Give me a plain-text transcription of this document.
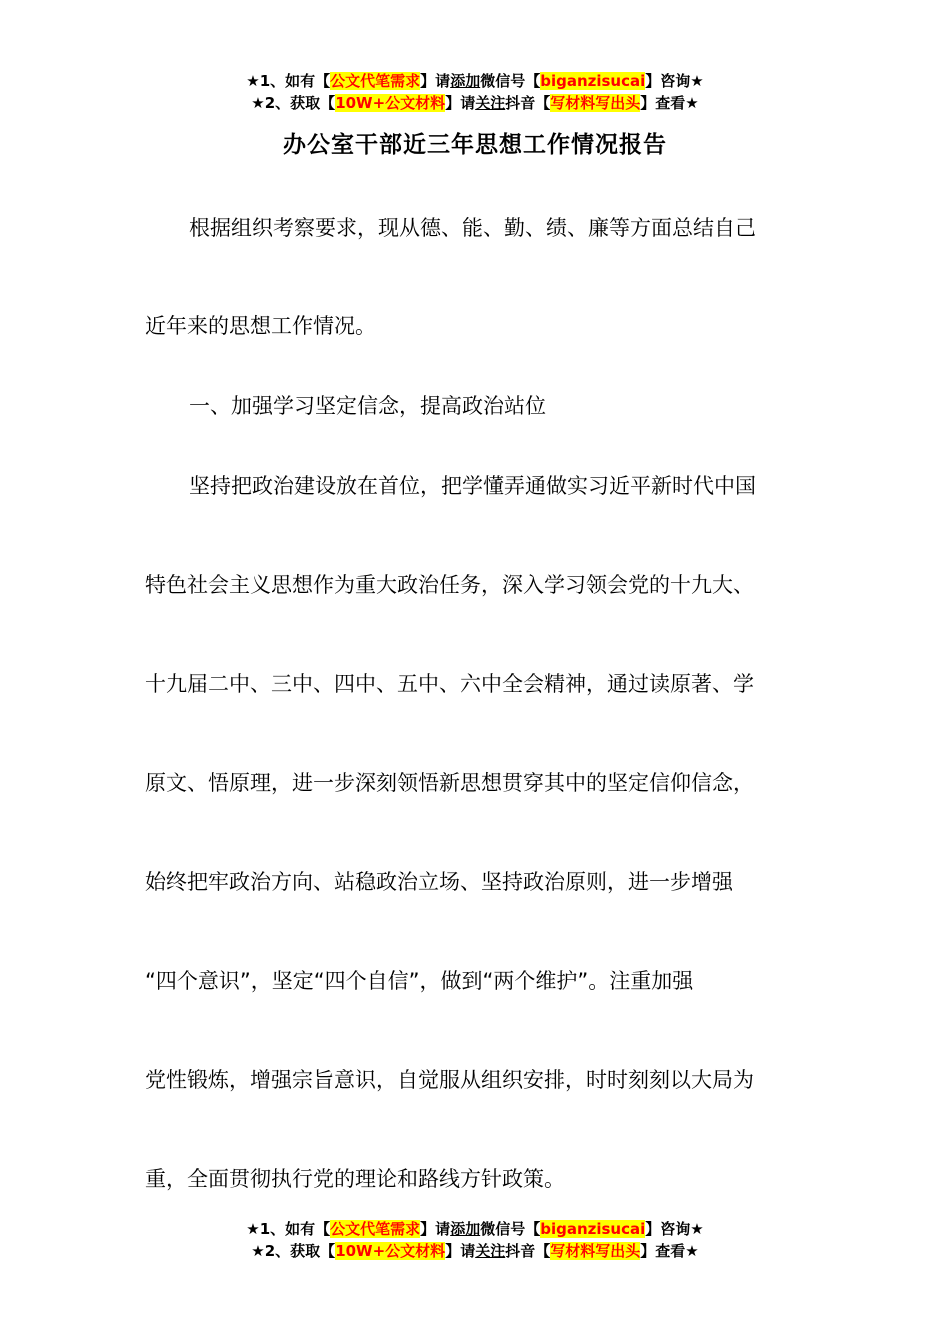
★1、如有【公文代笔需求】请添加微信号【biganzisucai】咨询★
★2、获取【10W+公文材料】请关注抖音【写材料写出头】查看★
办公室干部近三年思想工作情况报告
根据组织考察要求，现从德、能、勤、绩、廉等方面总结自己
近年来的思想工作情况。
一、加强学习坚定信念，提高政治站位
坚持把政治建设放在首位，把学懂弄通做实习近平新时代中国
特色社会主义思想作为重大政治任务，深入学习领会党的十九大、
十九届二中、三中、四中、五中、六中全会精神，通过读原著、学
原文、悟原理，进一步深刻领悟新思想贯穿其中的坚定信仰信念，
始终把牢政治方向、站稳政治立场、坚持政治原则，进一步增强
“四个意识”，坚定“四个自信”，做到“两个维护”。注重加强
党性锻炼，增强宗旨意识，自觉服从组织安排，时时刻刻以大局为
重，全面贯彻执行党的理论和路线方针政策。
★1、如有【公文代笔需求】请添加微信号【biganzisucai】咨询★
★2、获取【10W+公文材料】请关注抖音【写材料写出头】查看★
